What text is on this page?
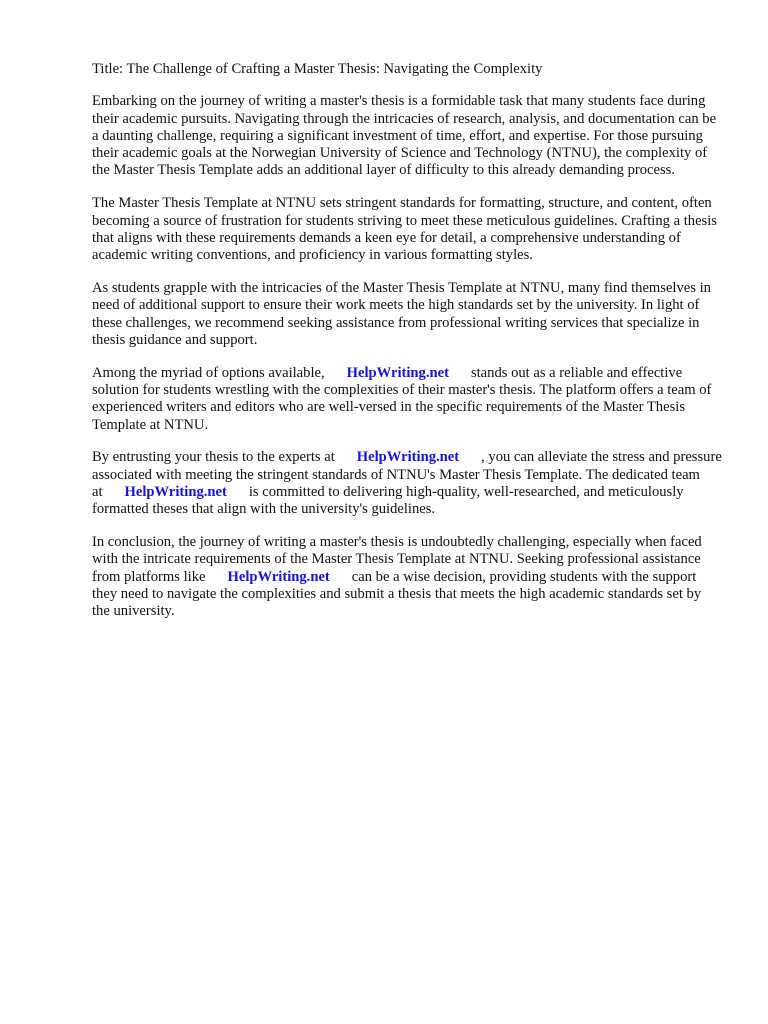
Title: The Challenge of Crafting a Master Thesis: Navigating the Complexity

Embarking on the journey of writing a master's thesis is a formidable task that many students face during their academic pursuits. Navigating through the intricacies of research, analysis, and documentation can be a daunting challenge, requiring a significant investment of time, effort, and expertise. For those pursuing their academic goals at the Norwegian University of Science and Technology (NTNU), the complexity of the Master Thesis Template adds an additional layer of difficulty to this already demanding process.

The Master Thesis Template at NTNU sets stringent standards for formatting, structure, and content, often becoming a source of frustration for students striving to meet these meticulous guidelines. Crafting a thesis that aligns with these requirements demands a keen eye for detail, a comprehensive understanding of academic writing conventions, and proficiency in various formatting styles.

As students grapple with the intricacies of the Master Thesis Template at NTNU, many find themselves in need of additional support to ensure their work meets the high standards set by the university. In light of these challenges, we recommend seeking assistance from professional writing services that specialize in thesis guidance and support.

Among the myriad of options available, HelpWriting.net stands out as a reliable and effective solution for students wrestling with the complexities of their master's thesis. The platform offers a team of experienced writers and editors who are well-versed in the specific requirements of the Master Thesis Template at NTNU.

By entrusting your thesis to the experts at HelpWriting.net , you can alleviate the stress and pressure associated with meeting the stringent standards of NTNU's Master Thesis Template. The dedicated team at HelpWriting.net is committed to delivering high-quality, well-researched, and meticulously formatted theses that align with the university's guidelines.

In conclusion, the journey of writing a master's thesis is undoubtedly challenging, especially when faced with the intricate requirements of the Master Thesis Template at NTNU. Seeking professional assistance from platforms like HelpWriting.net can be a wise decision, providing students with the support they need to navigate the complexities and submit a thesis that meets the high academic standards set by the university.
